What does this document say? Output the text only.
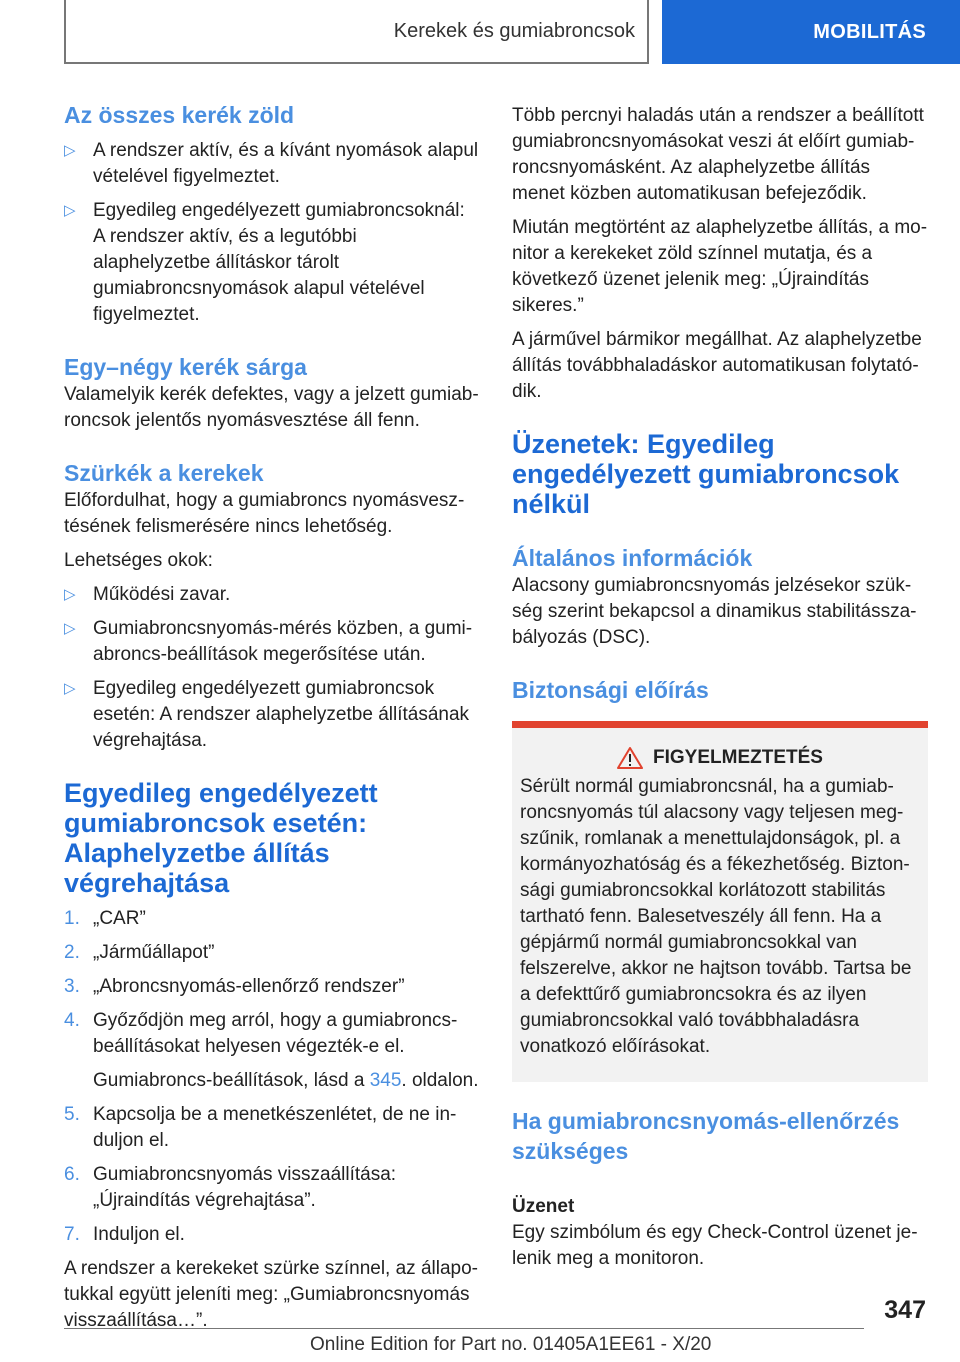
Kerekek és gumiabroncsok	MOBILITÁS
Az összes kerék zöld
▷ A rendszer aktív, és a kívánt nyomások alapul vételével figyelmeztet.
▷ Egyedileg engedélyezett gumiabroncsoknál: A rendszer aktív, és a legutóbbi alaphelyzetbe állításkor tárolt gumiabroncsnyomások alapul vételével figyelmeztet.
Egy–négy kerék sárga

Valamelyik kerék defektes, vagy a jelzett gumiabroncsok jelentős nyomásvesztése áll fenn.

Szürkék a kerekek

Előfordulhat, hogy a gumiabroncs nyomásvesztésének felismerésére nincs lehetőség.

Lehetséges okok:

▷ Működési zavar.
▷ Gumiabroncsnyomás-mérés közben, a gumiabroncs-beállítások megerősítése után.
▷ Egyedileg engedélyezett gumiabroncsok esetén: A rendszer alaphelyzetbe állításának végrehajtása.
Egyedileg engedélyezett gumiabroncsok esetén: Alaphelyzetbe állítás végrehajtása
1. „CAR”
2. „Járműállapot”
3. „Abroncsnyomás-ellenőrző rendszer”
4. Győződjön meg arról, hogy a gumiabroncsbeállításokat helyesen végezték-e el.
Gumiabroncs-beállítások, lásd a 345. oldalon.
5. Kapcsolja be a menetkészenlétet, de ne induljon el.
6. Gumiabroncsnyomás visszaállítása: „Újraindítás végrehajtása”.
7. Induljon el.

A rendszer a kerekeket szürke színnel, az állapotukkal együtt jeleníti meg: „Gumiabroncsnyomás visszaállítása…”.

Több percnyi haladás után a rendszer a beállított gumiabroncsnyomásokat veszi át előírt gumiabroncsnyomásként. Az alaphelyzetbe állítás menet közben automatikusan befejeződik.

Miután megtörtént az alaphelyzetbe állítás, a monitor a kerekeket zöld színnel mutatja, és a következő üzenet jelenik meg: „Újraindítás sikeres.”

A járművel bármikor megállhat. Az alaphelyzetbe állítás továbbhaladáskor automatikusan folytatódik.

Üzenetek: Egyedileg engedélyezett gumiabroncsok nélkül
Általános információk

Alacsony gumiabroncsnyomás jelzésekor szükség szerint bekapcsol a dinamikus stabilitásszabályozás (DSC).

Biztonsági előírás
FIGYELMEZTETÉS

Sérült normál gumiabroncsnál, ha a gumiabroncsnyomás túl alacsony vagy teljesen megszűnik, romlanak a menettulajdonságok, pl. a kormányozhatóság és a fékezhetőség. Biztonsági gumiabroncsokkal korlátozott stabilitás tartható fenn. Balesetveszély áll fenn. Ha a gépjármű normál gumiabroncsokkal van felszerelve, akkor ne hajtson tovább. Tartsa be a defekttűrő gumiabroncsokra és az ilyen gumiabroncsokkal való továbbhaladásra vonatkozó előírásokat.

Ha gumiabroncsnyomás-ellenőrzés szükséges
Üzenet

Egy szimbólum és egy Check-Control üzenet jelenik meg a monitoron.

347
Online Edition for Part no. 01405A1EE61 - X/20
